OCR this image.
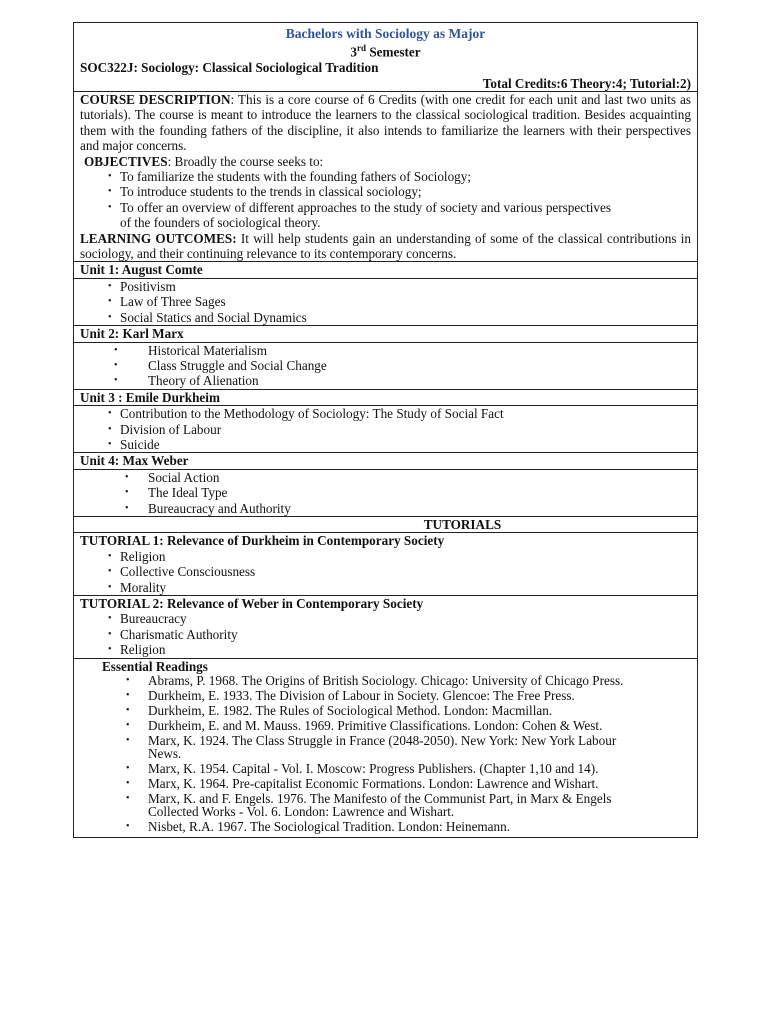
Bachelors with Sociology as Major
3rd Semester
SOC322J: Sociology: Classical Sociological Tradition
Total Credits:6 Theory:4; Tutorial:2)
COURSE DESCRIPTION: This is a core course of 6 Credits (with one credit for each unit and last two units as tutorials). The course is meant to introduce the learners to the classical sociological tradition. Besides acquainting them with the founding fathers of the discipline, it also intends to familiarize the learners with their perspectives and major concerns.
OBJECTIVES: Broadly the course seeks to:
• To familiarize the students with the founding fathers of Sociology;
• To introduce students to the trends in classical sociology;
• To offer an overview of different approaches to the study of society and various perspectives of the founders of sociological theory.
LEARNING OUTCOMES: It will help students gain an understanding of some of the classical contributions in sociology, and their continuing relevance to its contemporary concerns.
Unit 1: August Comte
• Positivism
• Law of Three Sages
• Social Statics and Social Dynamics
Unit 2: Karl Marx
• Historical Materialism
• Class Struggle and Social Change
• Theory of Alienation
Unit 3 : Emile Durkheim
• Contribution to the Methodology of Sociology: The Study of Social Fact
• Division of Labour
• Suicide
Unit 4: Max Weber
• Social Action
• The Ideal Type
• Bureaucracy and Authority
TUTORIALS
TUTORIAL 1: Relevance of Durkheim in Contemporary Society
• Religion
• Collective Consciousness
• Morality
TUTORIAL 2: Relevance of Weber in Contemporary Society
• Bureaucracy
• Charismatic Authority
• Religion
Essential Readings
• Abrams, P. 1968. The Origins of British Sociology. Chicago: University of Chicago Press.
• Durkheim, E. 1933. The Division of Labour in Society. Glencoe: The Free Press.
• Durkheim, E. 1982. The Rules of Sociological Method. London: Macmillan.
• Durkheim, E. and M. Mauss. 1969. Primitive Classifications. London: Cohen & West.
• Marx, K. 1924. The Class Struggle in France (2048-2050). New York: New York Labour News.
• Marx, K. 1954. Capital - Vol. I. Moscow: Progress Publishers. (Chapter 1,10 and 14).
• Marx, K. 1964. Pre-capitalist Economic Formations. London: Lawrence and Wishart.
• Marx, K. and F. Engels. 1976. The Manifesto of the Communist Part, in Marx & Engels Collected Works - Vol. 6. London: Lawrence and Wishart.
• Nisbet, R.A. 1967. The Sociological Tradition. London: Heinemann.
